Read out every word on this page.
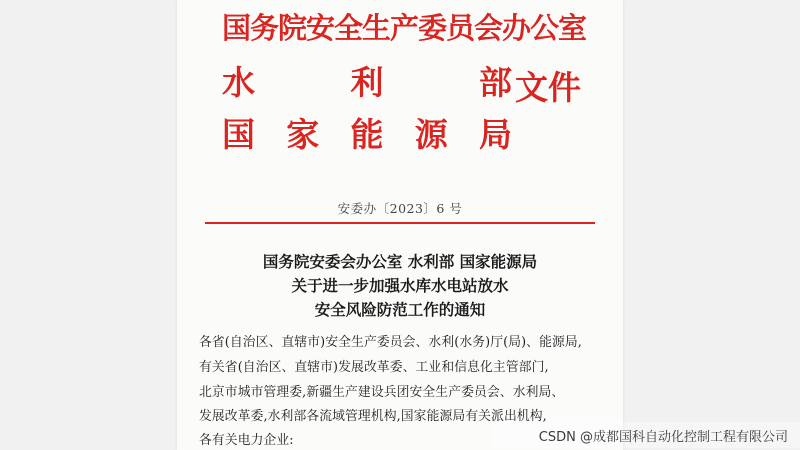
国务院安全生产委员会办公室
水	利	部 文件
国 家 能 源 局
安委办〔2023〕6 号
国务院安委会办公室 水利部 国家能源局
关于进一步加强水库水电站放水
安全风险防范工作的通知
各省(自治区、直辖市)安全生产委员会、水利(水务)厅(局)、能源局,
有关省(自治区、直辖市)发展改革委、工业和信息化主管部门,
北京市城市管理委,新疆生产建设兵团安全生产委员会、水利局、
发展改革委,水利部各流域管理机构,国家能源局有关派出机构,
各有关电力企业:	CSDN @成都国科自动化控制工程有限公司
